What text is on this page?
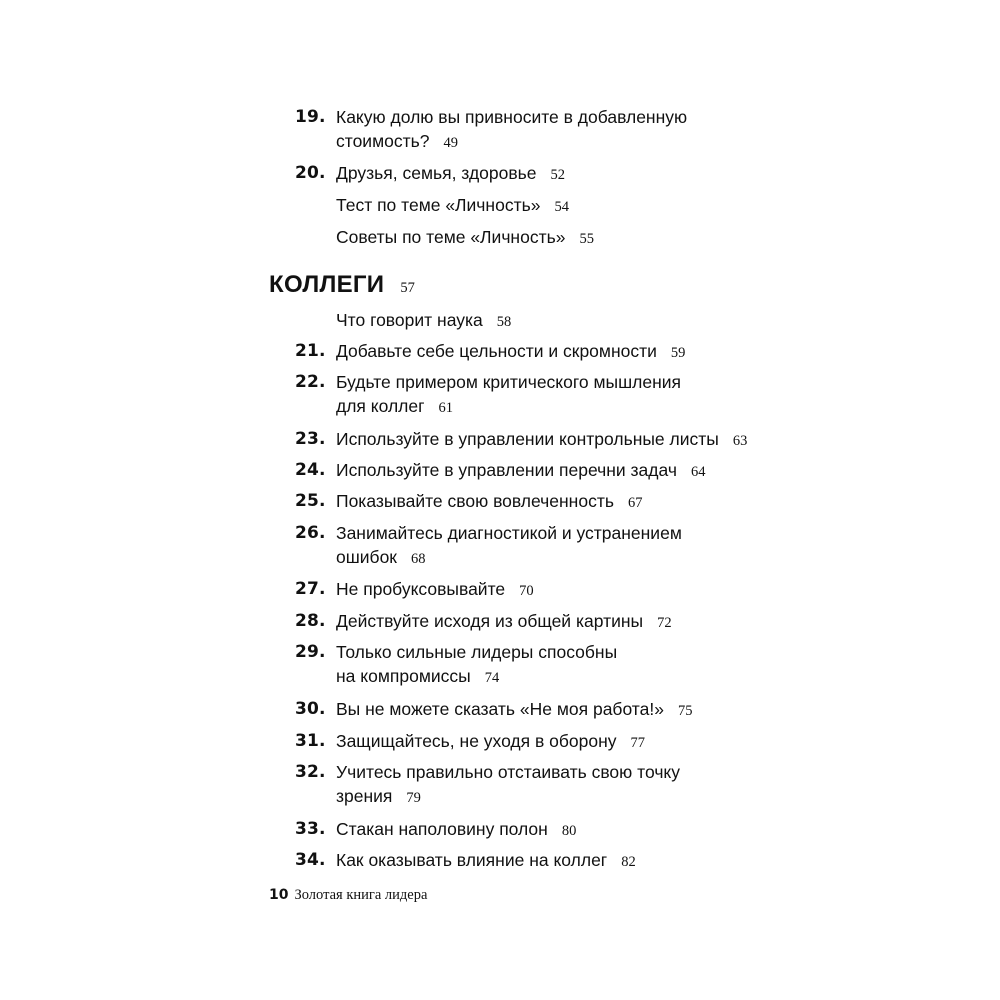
19. Какую долю вы привносите в добавленную
стоимость? 49
20. Друзья, семья, здоровье 52
Тест по теме «Личность» 54
Советы по теме «Личность» 55
КОЛЛЕГИ 57
Что говорит наука 58
21. Добавьте себе цельности и скромности 59
22. Будьте примером критического мышления
для коллег 61
23. Используйте в управлении контрольные листы 63
24. Используйте в управлении перечни задач 64
25. Показывайте свою вовлеченность 67
26. Занимайтесь диагностикой и устранением
ошибок 68
27. Не пробуксовывайте 70
28. Действуйте исходя из общей картины 72
29. Только сильные лидеры способны
на компромиссы 74
30. Вы не можете сказать «Не моя работа!» 75
31. Защищайтесь, не уходя в оборону 77
32. Учитесь правильно отстаивать свою точку
зрения 79
33. Стакан наполовину полон 80
34. Как оказывать влияние на коллег 82
10 Золотая книга лидера
